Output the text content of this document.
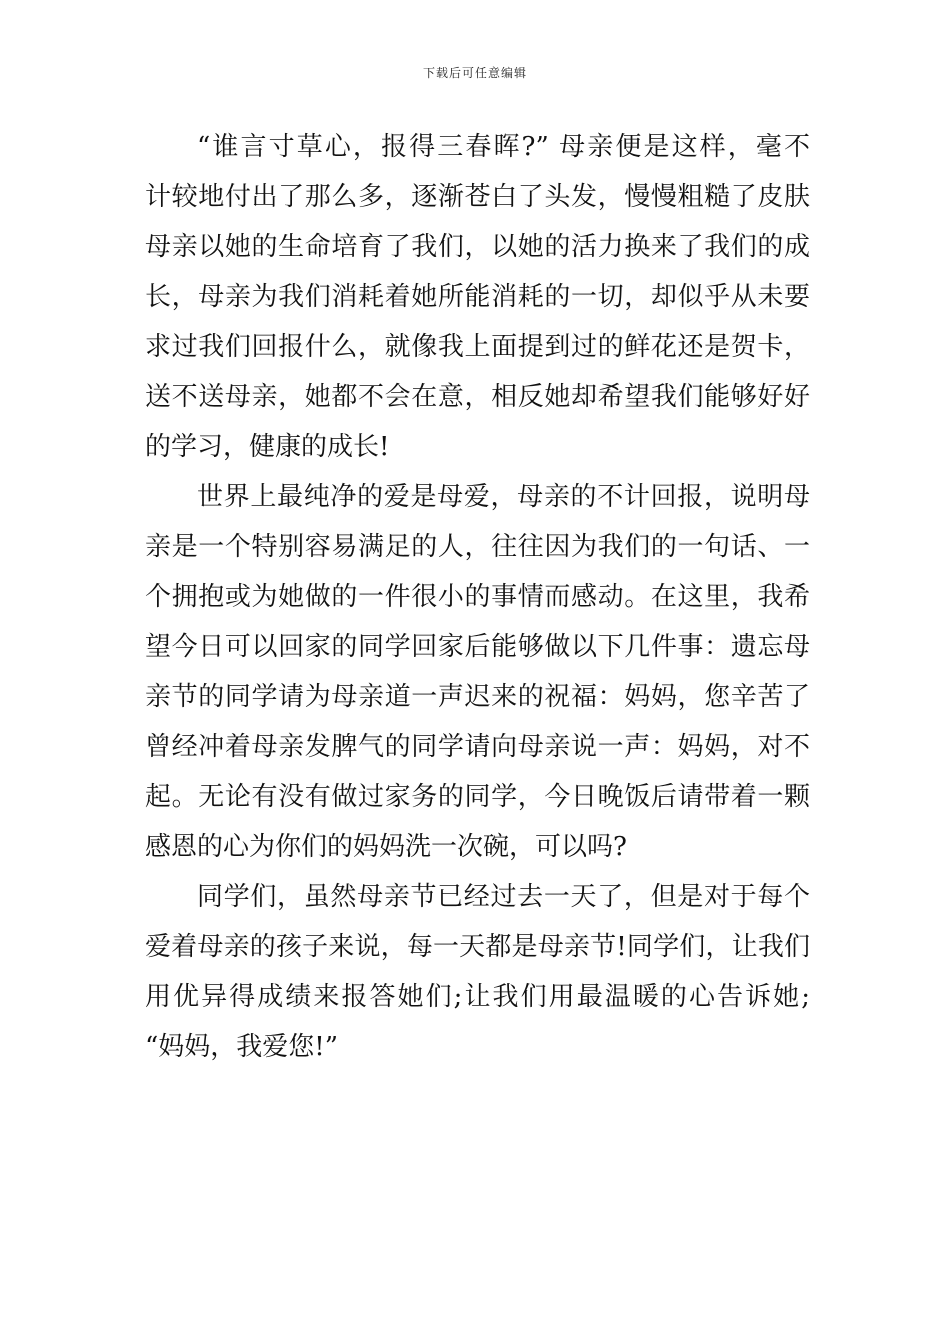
下载后可任意编辑
“谁言寸草心，报得三春晖?” 母亲便是这样，毫不
计较地付出了那么多，逐渐苍白了头发，慢慢粗糙了皮肤
母亲以她的生命培育了我们，以她的活力换来了我们的成
长，母亲为我们消耗着她所能消耗的一切，却似乎从未要
求过我们回报什么，就像我上面提到过的鲜花还是贺卡，
送不送母亲，她都不会在意，相反她却希望我们能够好好
的学习，健康的成长!
世界上最纯净的爱是母爱，母亲的不计回报，说明母
亲是一个特别容易满足的人，往往因为我们的一句话、一
个拥抱或为她做的一件很小的事情而感动。在这里，我希
望今日可以回家的同学回家后能够做以下几件事：遗忘母
亲节的同学请为母亲道一声迟来的祝福：妈妈，您辛苦了
曾经冲着母亲发脾气的同学请向母亲说一声：妈妈，对不
起。无论有没有做过家务的同学，今日晚饭后请带着一颗
感恩的心为你们的妈妈洗一次碗，可以吗?
同学们，虽然母亲节已经过去一天了，但是对于每个
爱着母亲的孩子来说，每一天都是母亲节!同学们，让我们
用优异得成绩来报答她们;让我们用最温暖的心告诉她;
“妈妈，我爱您!”
